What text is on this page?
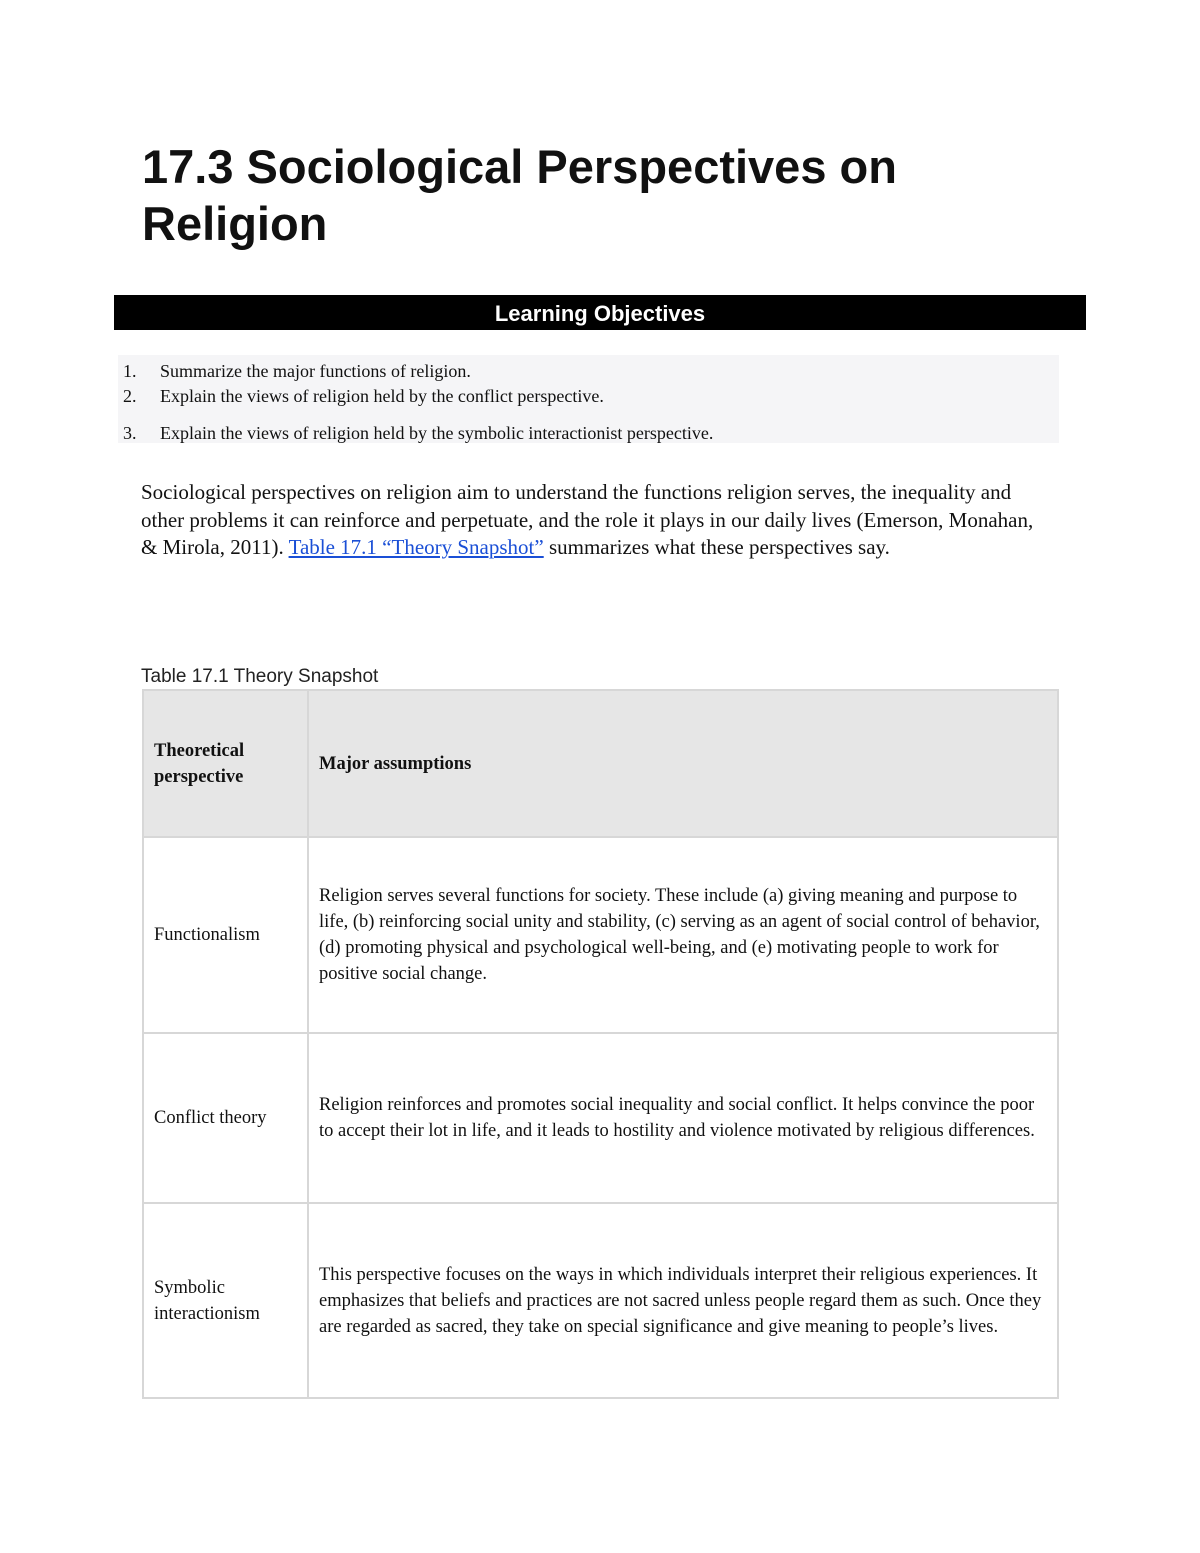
17.3 Sociological Perspectives on Religion
Learning Objectives
1. Summarize the major functions of religion.
2. Explain the views of religion held by the conflict perspective.
3. Explain the views of religion held by the symbolic interactionist perspective.

Sociological perspectives on religion aim to understand the functions religion serves, the inequality and other problems it can reinforce and perpetuate, and the role it plays in our daily lives (Emerson, Monahan, & Mirola, 2011). Table 17.1 “Theory Snapshot” summarizes what these perspectives say.

Table 17.1 Theory Snapshot
Theoretical perspective	Major assumptions
Functionalism	Religion serves several functions for society. These include (a) giving meaning and purpose to life, (b) reinforcing social unity and stability, (c) serving as an agent of social control of behavior, (d) promoting physical and psychological well-being, and (e) motivating people to work for positive social change.
Conflict theory	Religion reinforces and promotes social inequality and social conflict. It helps convince the poor to accept their lot in life, and it leads to hostility and violence motivated by religious differences.
Symbolic interactionism	This perspective focuses on the ways in which individuals interpret their religious experiences. It emphasizes that beliefs and practices are not sacred unless people regard them as such. Once they are regarded as sacred, they take on special significance and give meaning to people’s lives.
